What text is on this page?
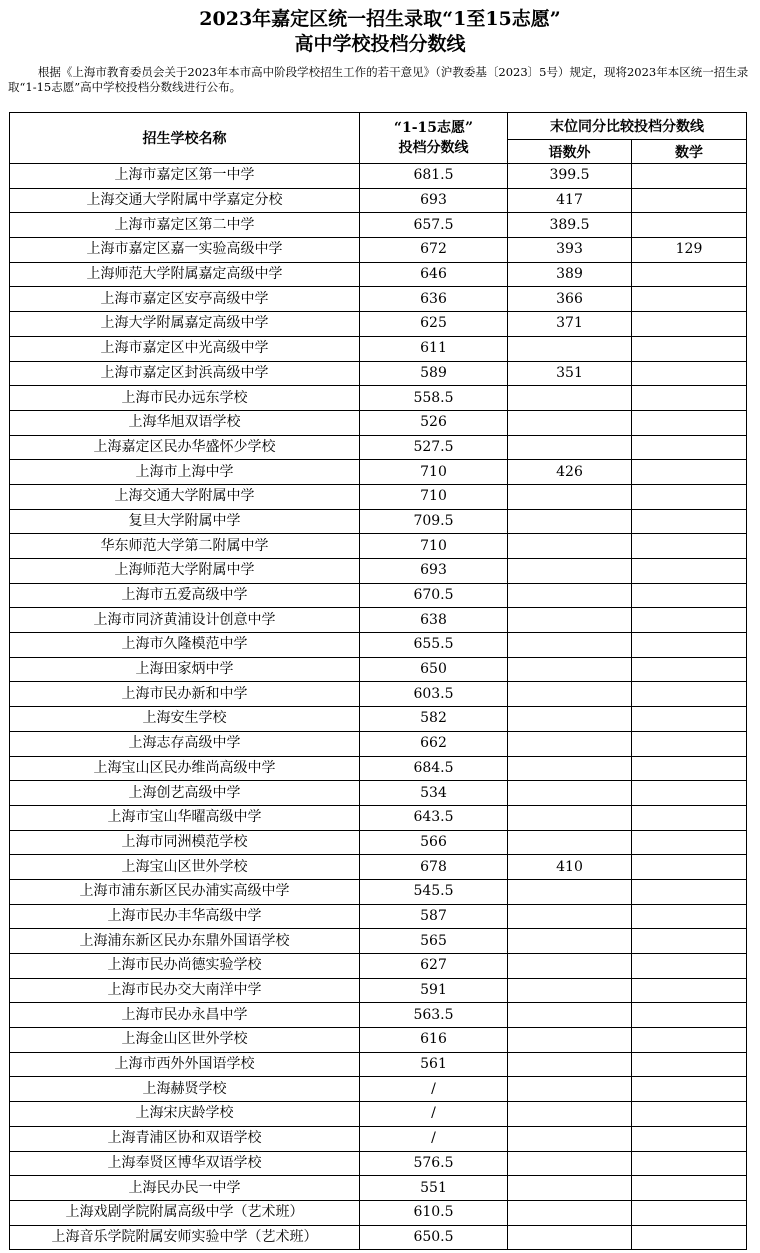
2023年嘉定区统一招生录取“1至15志愿”
高中学校投档分数线

根据《上海市教育委员会关于2023年本市高中阶段学校招生工作的若干意见》（沪教委基〔2023〕5号）规定，现将2023年本区统一招生录取“1-15志愿”高中学校投档分数线进行公布。

招生学校名称	“1-15志愿”
投档分数线	末位同分比较投档分数线	
		语数外	数学
上海市嘉定区第一中学	681.5	399.5	
上海交通大学附属中学嘉定分校	693	417	
上海市嘉定区第二中学	657.5	389.5	
上海市嘉定区嘉一实验高级中学	672	393	129
上海师范大学附属嘉定高级中学	646	389	
上海市嘉定区安亭高级中学	636	366	
上海大学附属嘉定高级中学	625	371	
上海市嘉定区中光高级中学	611		
上海市嘉定区封浜高级中学	589	351	
上海市民办远东学校	558.5		
上海华旭双语学校	526		
上海嘉定区民办华盛怀少学校	527.5		
上海市上海中学	710	426	
上海交通大学附属中学	710		
复旦大学附属中学	709.5		
华东师范大学第二附属中学	710		
上海师范大学附属中学	693		
上海市五爱高级中学	670.5		
上海市同济黄浦设计创意中学	638		
上海市久隆模范中学	655.5		
上海田家炳中学	650		
上海市民办新和中学	603.5		
上海安生学校	582		
上海志存高级中学	662		
上海宝山区民办维尚高级中学	684.5		
上海创艺高级中学	534		
上海市宝山华曜高级中学	643.5		
上海市同洲模范学校	566		
上海宝山区世外学校	678	410	
上海市浦东新区民办浦实高级中学	545.5		
上海市民办丰华高级中学	587		
上海浦东新区民办东鼎外国语学校	565		
上海市民办尚德实验学校	627		
上海市民办交大南洋中学	591		
上海市民办永昌中学	563.5		
上海金山区世外学校	616		
上海市西外外国语学校	561		
上海赫贤学校	/		
上海宋庆龄学校	/		
上海青浦区协和双语学校	/		
上海奉贤区博华双语学校	576.5		
上海民办民一中学	551		
上海戏剧学院附属高级中学（艺术班）	610.5		
上海音乐学院附属安师实验中学（艺术班）	650.5		
